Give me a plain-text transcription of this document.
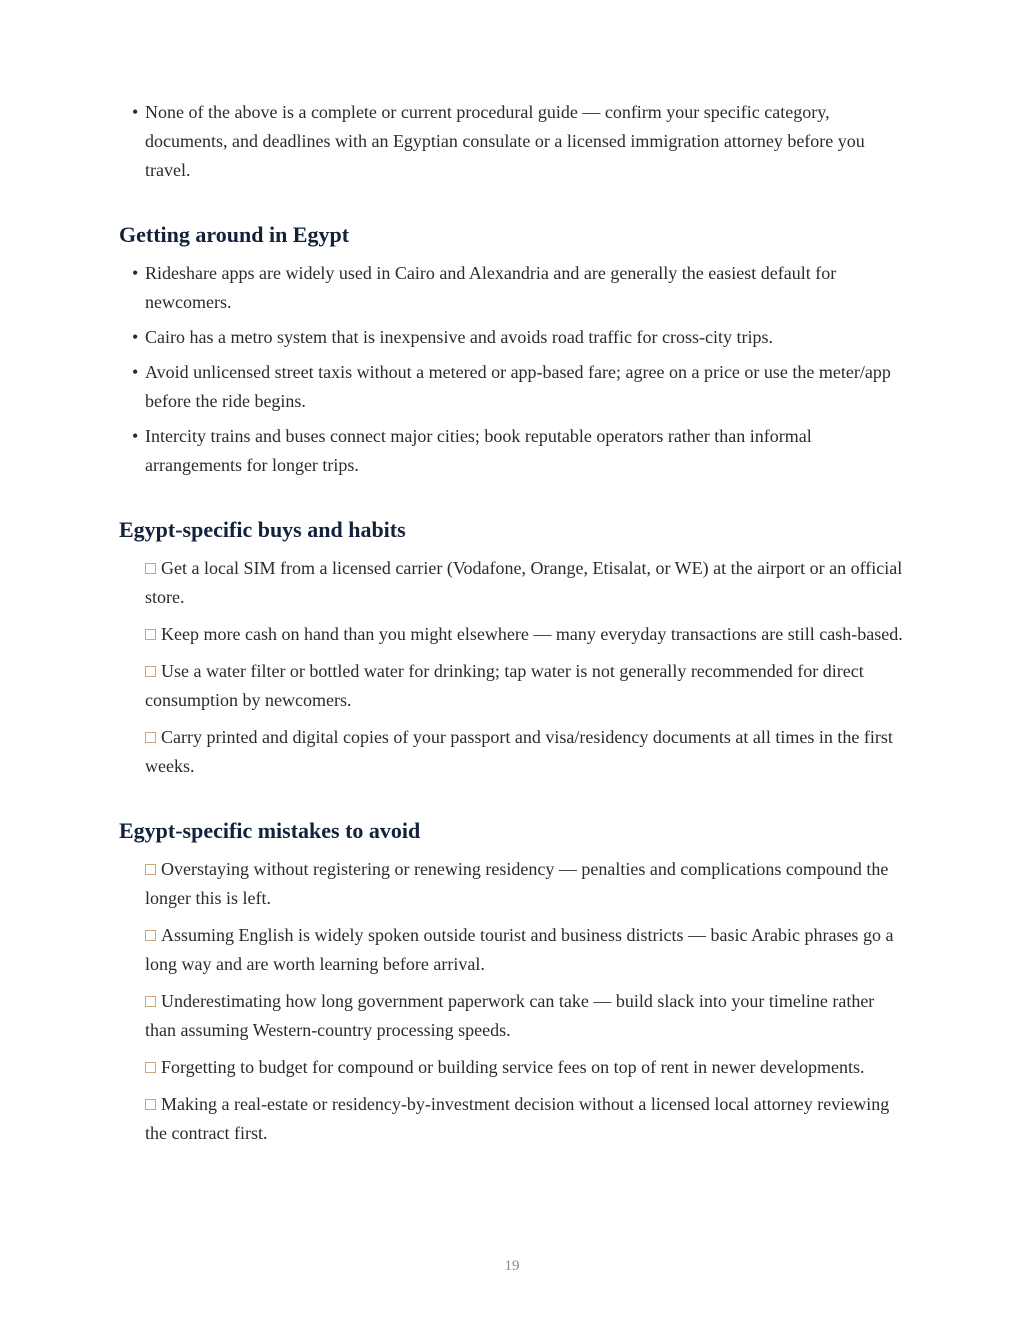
• None of the above is a complete or current procedural guide — confirm your specific category, documents, and deadlines with an Egyptian consulate or a licensed immigration attorney before you travel.
Getting around in Egypt
• Rideshare apps are widely used in Cairo and Alexandria and are generally the easiest default for newcomers.
• Cairo has a metro system that is inexpensive and avoids road traffic for cross-city trips.
• Avoid unlicensed street taxis without a metered or app-based fare; agree on a price or use the meter/​app before the ride begins.
• Intercity trains and buses connect major cities; book reputable operators rather than informal arrangements for longer trips.
Egypt-specific buys and habits
Get a local SIM from a licensed carrier (Vodafone, Orange, Etisalat, or WE) at the airport or an official store.
Keep more cash on hand than you might elsewhere — many everyday transactions are still cash-based.
Use a water filter or bottled water for drinking; tap water is not generally recommended for direct consumption by newcomers.
Carry printed and digital copies of your passport and visa/residency documents at all times in the first weeks.
Egypt-specific mistakes to avoid
Overstaying without registering or renewing residency — penalties and complications compound the longer this is left.
Assuming English is widely spoken outside tourist and business districts — basic Arabic phrases go a long way and are worth learning before arrival.
Underestimating how long government paperwork can take — build slack into your timeline rather than assuming Western-country processing speeds.
Forgetting to budget for compound or building service fees on top of rent in newer developments.
Making a real-estate or residency-by-investment decision without a licensed local attorney reviewing the contract first.
19
